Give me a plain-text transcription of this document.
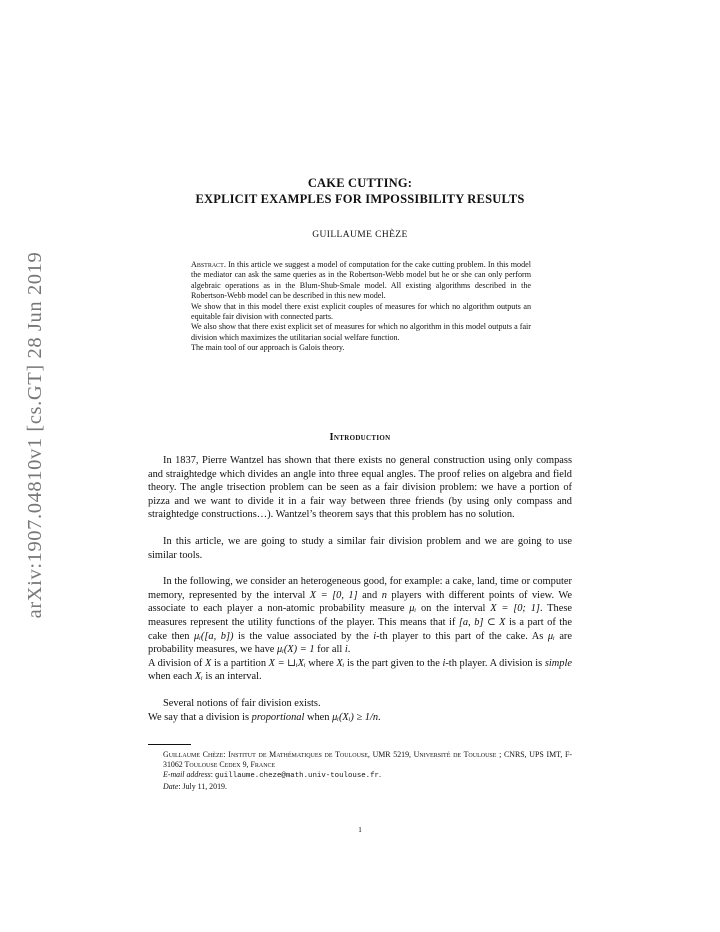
arXiv:1907.04810v1 [cs.GT] 28 Jun 2019
CAKE CUTTING:
EXPLICIT EXAMPLES FOR IMPOSSIBILITY RESULTS

GUILLAUME CHÈZE

Abstract. In this article we suggest a model of computation for the cake cutting problem. In this model the mediator can ask the same queries as in the Robertson-Webb model but he or she can only perform algebraic operations as in the Blum-Shub-Smale model. All existing algorithms described in the Robertson-Webb model can be described in this new model.

We show that in this model there exist explicit couples of measures for which no algorithm outputs an equitable fair division with connected parts.

We also show that there exist explicit set of measures for which no algorithm in this model outputs a fair division which maximizes the utilitarian social welfare function.

The main tool of our approach is Galois theory.

Introduction

In 1837, Pierre Wantzel has shown that there exists no general construction using only compass and straightedge which divides an angle into three equal angles. The proof relies on algebra and field theory. The angle trisection problem can be seen as a fair division problem: we have a portion of pizza and we want to divide it in a fair way between three friends (by using only compass and straightedge constructions…). Wantzel’s theorem says that this problem has no solution.

In this article, we are going to study a similar fair division problem and we are going to use similar tools.

In the following, we consider an heterogeneous good, for example: a cake, land, time or computer memory, represented by the interval X = [0, 1] and n players with different points of view. We associate to each player a non-atomic probability measure μᵢ on the interval X = [0; 1]. These measures represent the utility functions of the player. This means that if [a, b] ⊂ X is a part of the cake then μᵢ([a, b]) is the value associated by the i-th player to this part of the cake. As μᵢ are probability measures, we have μᵢ(X) = 1 for all i.

A division of X is a partition X = ⊔ᵢXᵢ where Xᵢ is the part given to the i-th player. A division is simple when each Xᵢ is an interval.

Several notions of fair division exists.

We say that a division is proportional when μᵢ(Xᵢ) ≥ 1/n.

Guillaume Chèze: Institut de Mathématiques de Toulouse, UMR 5219, Université de Toulouse ; CNRS, UPS IMT, F-31062 Toulouse Cedex 9, France

E-mail address: guillaume.cheze@math.univ-toulouse.fr.

Date: July 11, 2019.

1
